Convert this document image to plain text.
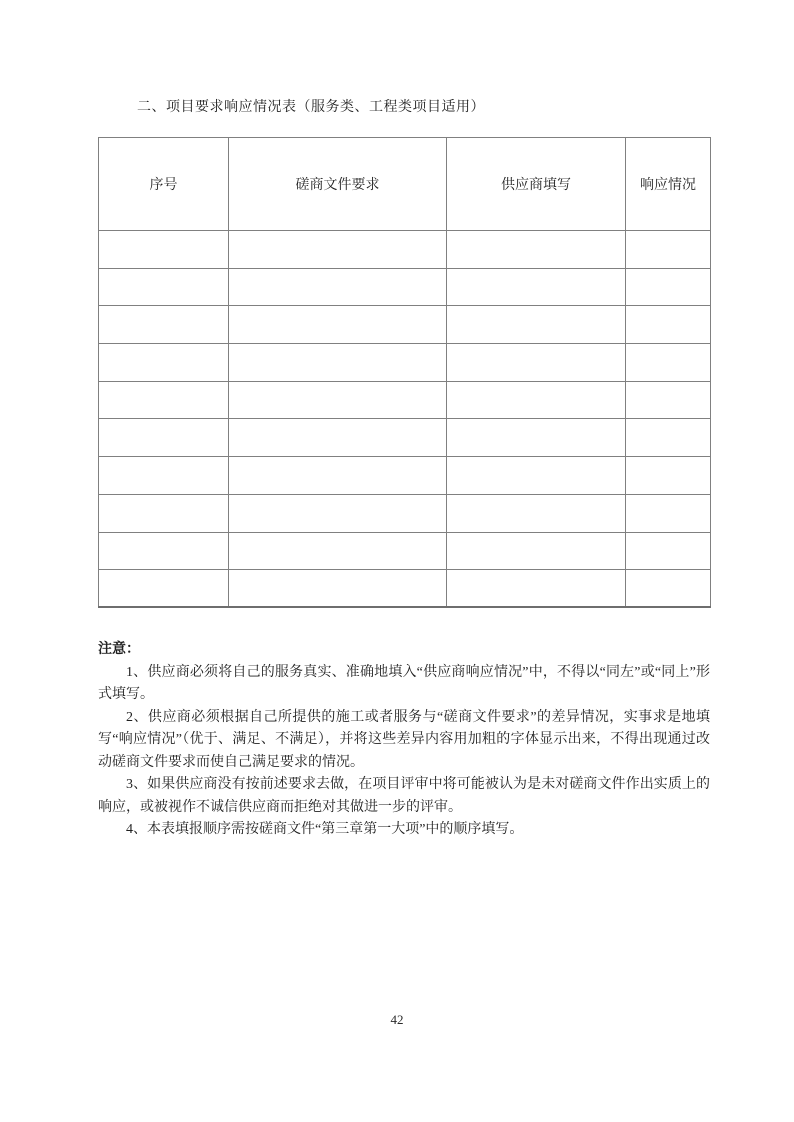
二、项目要求响应情况表（服务类、工程类项目适用）
序号	磋商文件要求	供应商填写	响应情况

注意：

1、供应商必须将自己的服务真实、准确地填入“供应商响应情况”中，不得以“同左”或“同上”形式填写。

2、供应商必须根据自己所提供的施工或者服务与“磋商文件要求”的差异情况，实事求是地填写“响应情况”（优于、满足、不满足），并将这些差异内容用加粗的字体显示出来，不得出现通过改动磋商文件要求而使自己满足要求的情况。

3、如果供应商没有按前述要求去做，在项目评审中将可能被认为是未对磋商文件作出实质上的响应，或被视作不诚信供应商而拒绝对其做进一步的评审。

4、本表填报顺序需按磋商文件“第三章第一大项”中的顺序填写。

42
